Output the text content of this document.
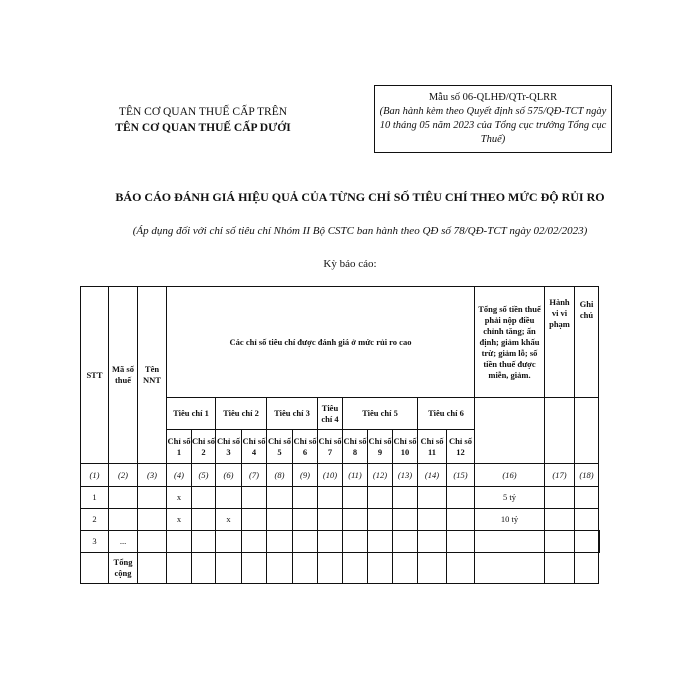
TÊN CƠ QUAN THUẾ CẤP TRÊN
TÊN CƠ QUAN THUẾ CẤP DƯỚI
Mẫu số 06-QLHĐ/QTr-QLRR
(Ban hành kèm theo Quyết định số 575/QĐ-TCT ngày 10 tháng 05 năm 2023 của Tổng cục trưởng Tổng cục Thuế)
BÁO CÁO ĐÁNH GIÁ HIỆU QUẢ CỦA TỪNG CHỈ SỐ TIÊU CHÍ THEO MỨC ĐỘ RỦI RO
(Áp dụng đối với chỉ số tiêu chí Nhóm II Bộ CSTC ban hành theo QĐ số 78/QĐ-TCT ngày 02/02/2023)
Kỳ báo cáo:
STT	Mã số thuế	Tên NNT	Các chỉ số tiêu chí được đánh giá ở mức rủi ro cao												Tổng số tiền thuế phải nộp điều chỉnh tăng; ấn định; giảm khấu trừ; giảm lỗ; số tiền thuế được miễn, giảm.	Hành vi vi phạm	Ghi chú	
			Tiêu chí 1		Tiêu chí 2		Tiêu chí 3		Tiêu chí 4	Tiêu chí 5			Tiêu chí 6					
			Chỉ số 1	Chỉ số 2	Chỉ số 3	Chỉ số 4	Chỉ số 5	Chỉ số 6	Chỉ số 7	Chỉ số 8	Chỉ số 9	Chỉ số 10	Chỉ số 11	Chỉ số 12				
(1)	(2)	(3)	(4)	(5)	(6)	(7)	(8)	(9)	(10)	(11)	(12)	(13)	(14)	(15)	(16)	(17)	(18)	
1			x												5 tỷ			
2			x		x										10 tỷ			
3	...																	
	Tổng cộng																	
